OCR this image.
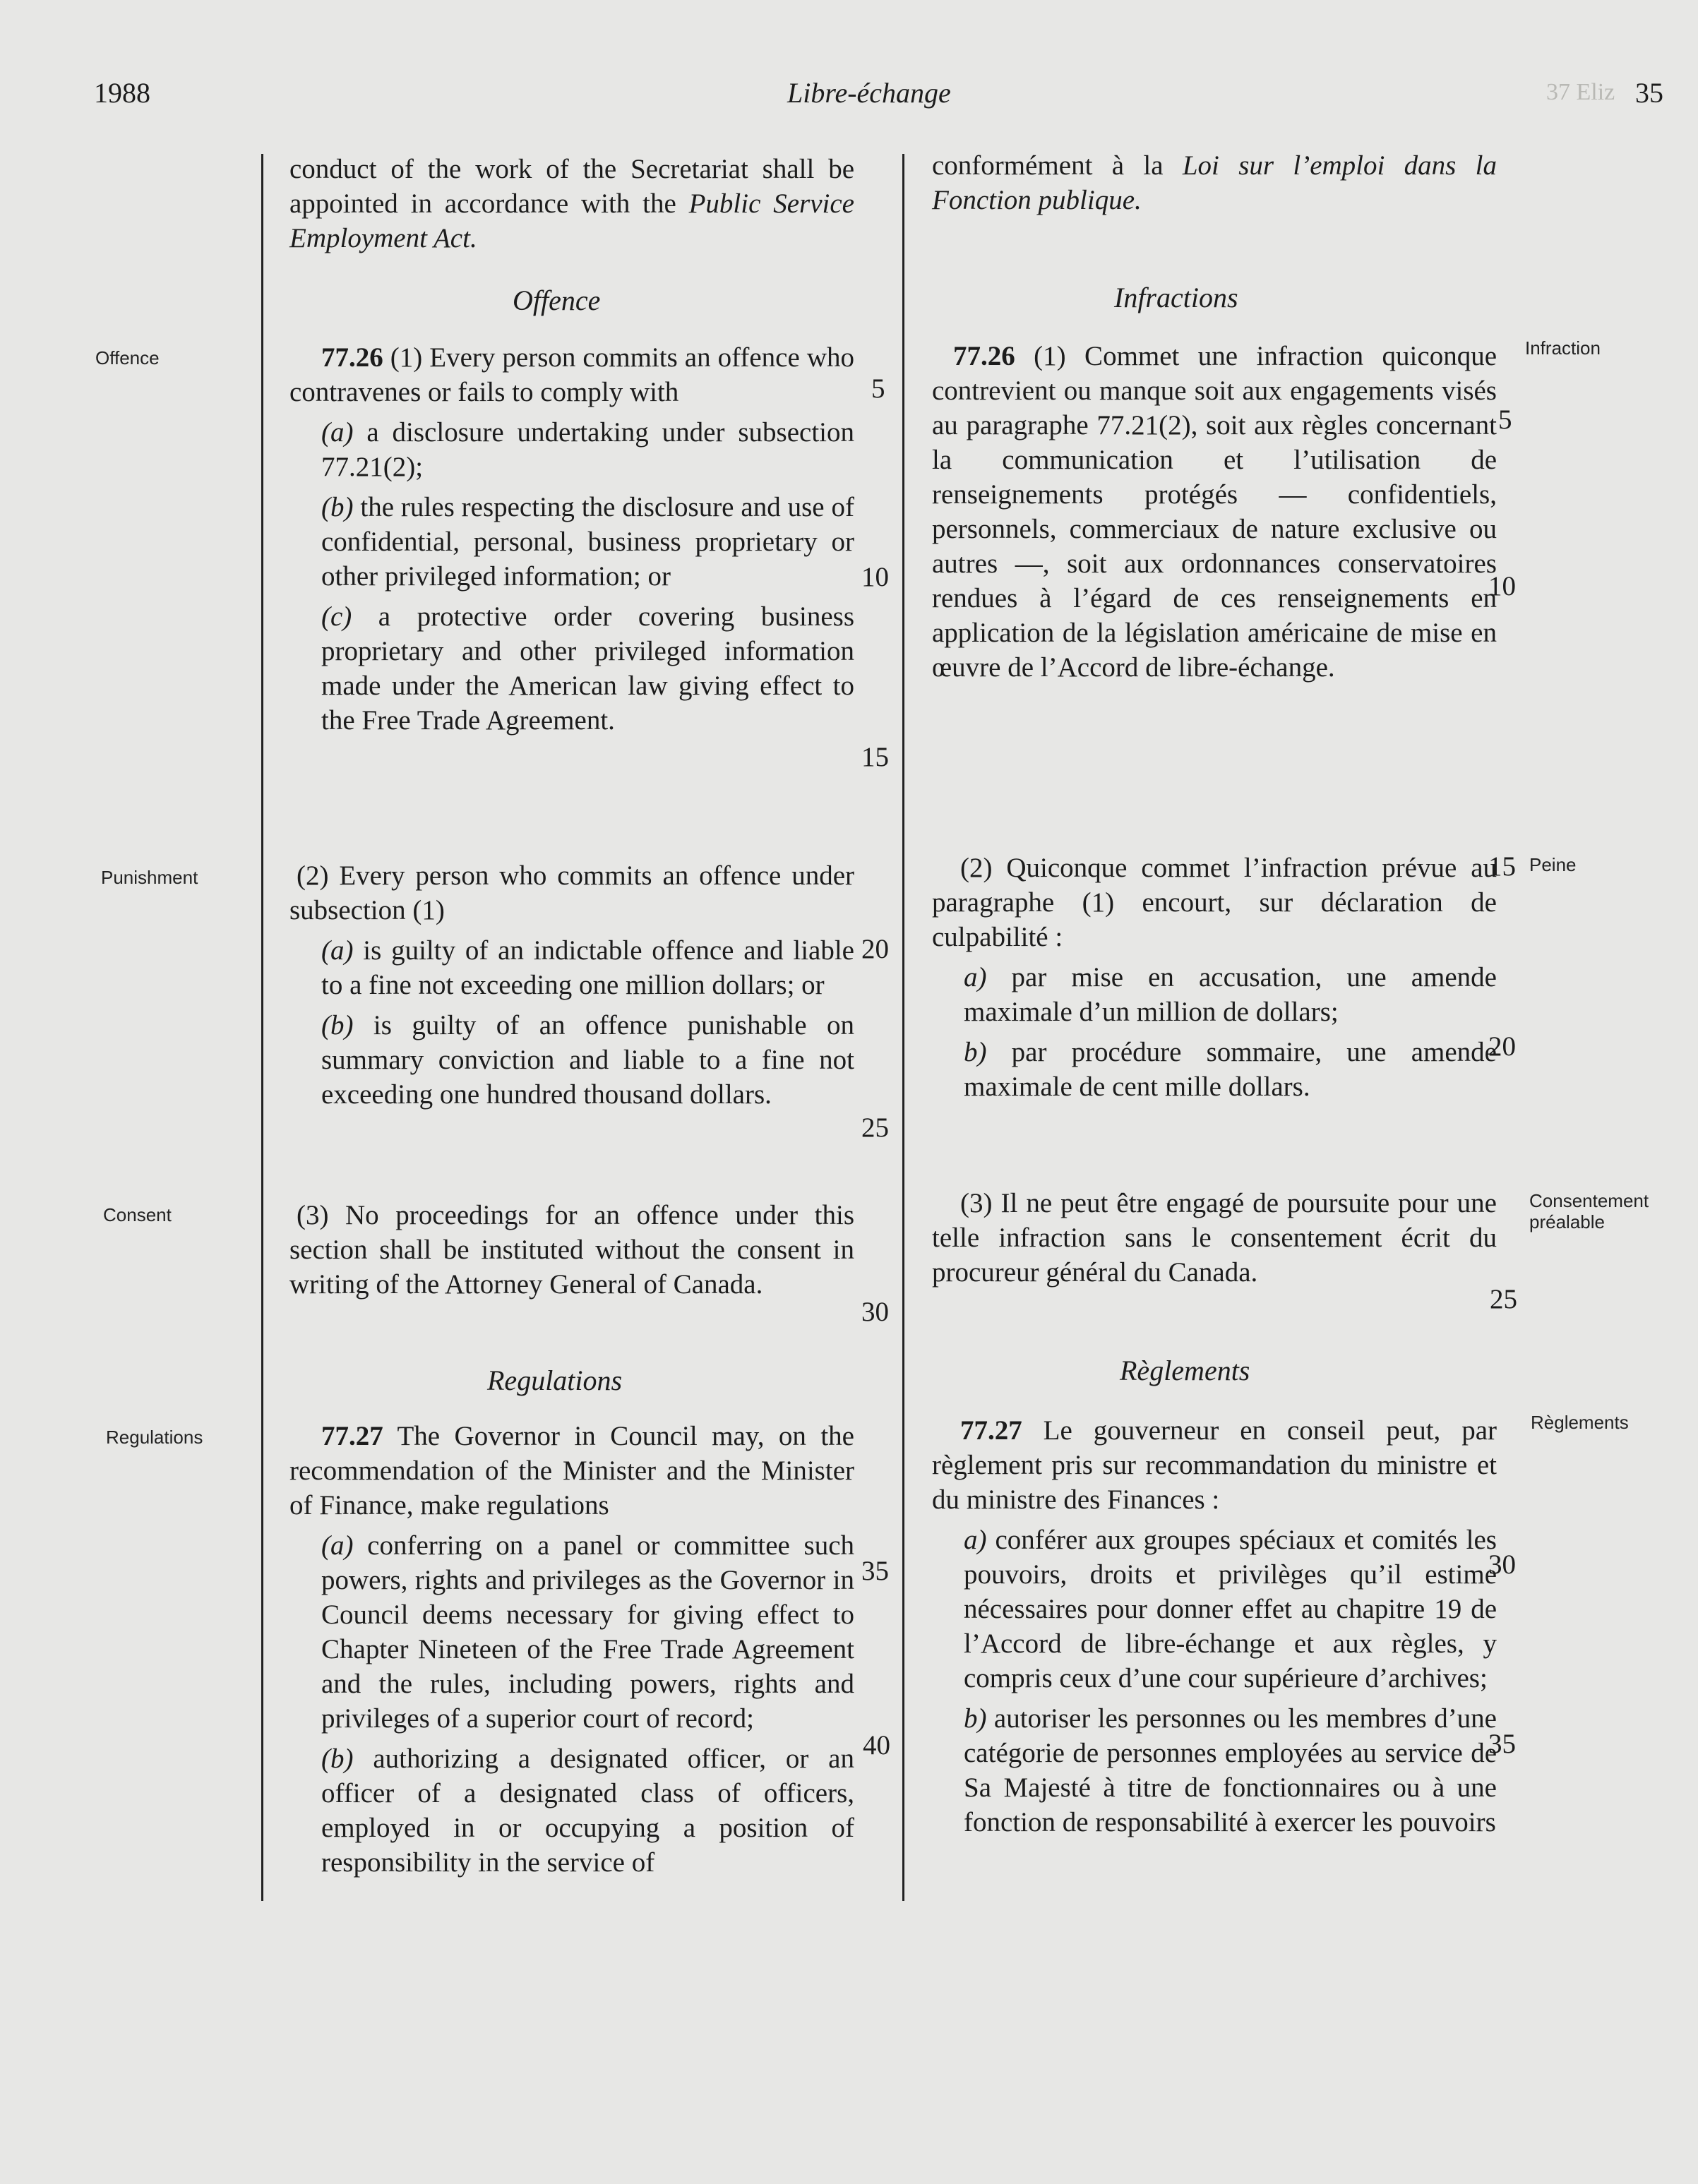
1988	Libre-échange	35
37 Eliz
Offence
Punishment
Consent
Regulations
Infraction
Peine
Consentement préalable
Règlements

conduct of the work of the Secretariat shall be appointed in accordance with the Public Service Employment Act.

Offence

77.26 (1) Every person commits an offence who contravenes or fails to comply with

(a) a disclosure undertaking under subsection 77.21(2);

(b) the rules respecting the disclosure and use of confidential, personal, business proprietary or other privileged information; or

(c) a protective order covering business proprietary and other privileged information made under the American law giving effect to the Free Trade Agreement.

(2) Every person who commits an offence under subsection (1)

(a) is guilty of an indictable offence and liable to a fine not exceeding one million dollars; or

(b) is guilty of an offence punishable on summary conviction and liable to a fine not exceeding one hundred thousand dollars.

(3) No proceedings for an offence under this section shall be instituted without the consent in writing of the Attorney General of Canada.

Regulations

77.27 The Governor in Council may, on the recommendation of the Minister and the Minister of Finance, make regulations

(a) conferring on a panel or committee such powers, rights and privileges as the Governor in Council deems necessary for giving effect to Chapter Nineteen of the Free Trade Agreement and the rules, including powers, rights and privileges of a superior court of record;

(b) authorizing a designated officer, or an officer of a designated class of officers, employed in or occupying a position of responsibility in the service of

5
10
15
20
25
30
35
40

conformément à la Loi sur l’emploi dans la Fonction publique.

Infractions

77.26 (1) Commet une infraction quiconque contrevient ou manque soit aux engagements visés au paragraphe 77.21(2), soit aux règles concernant la communication et l’utilisation de renseignements protégés — confidentiels, personnels, commerciaux de nature exclusive ou autres —, soit aux ordonnances conservatoires rendues à l’égard de ces renseignements en application de la législation américaine de mise en œuvre de l’Accord de libre-échange.

(2) Quiconque commet l’infraction prévue au paragraphe (1) encourt, sur déclaration de culpabilité :

a) par mise en accusation, une amende maximale d’un million de dollars;

b) par procédure sommaire, une amende maximale de cent mille dollars.

(3) Il ne peut être engagé de poursuite pour une telle infraction sans le consentement écrit du procureur général du Canada.

Règlements

77.27 Le gouverneur en conseil peut, par règlement pris sur recommandation du ministre et du ministre des Finances :

a) conférer aux groupes spéciaux et comités les pouvoirs, droits et privilèges qu’il estime nécessaires pour donner effet au chapitre 19 de l’Accord de libre-échange et aux règles, y compris ceux d’une cour supérieure d’archives;

b) autoriser les personnes ou les membres d’une catégorie de personnes employées au service de Sa Majesté à titre de fonctionnaires ou à une fonction de responsabilité à exercer les pouvoirs

5
10
15
20
25
30
35
